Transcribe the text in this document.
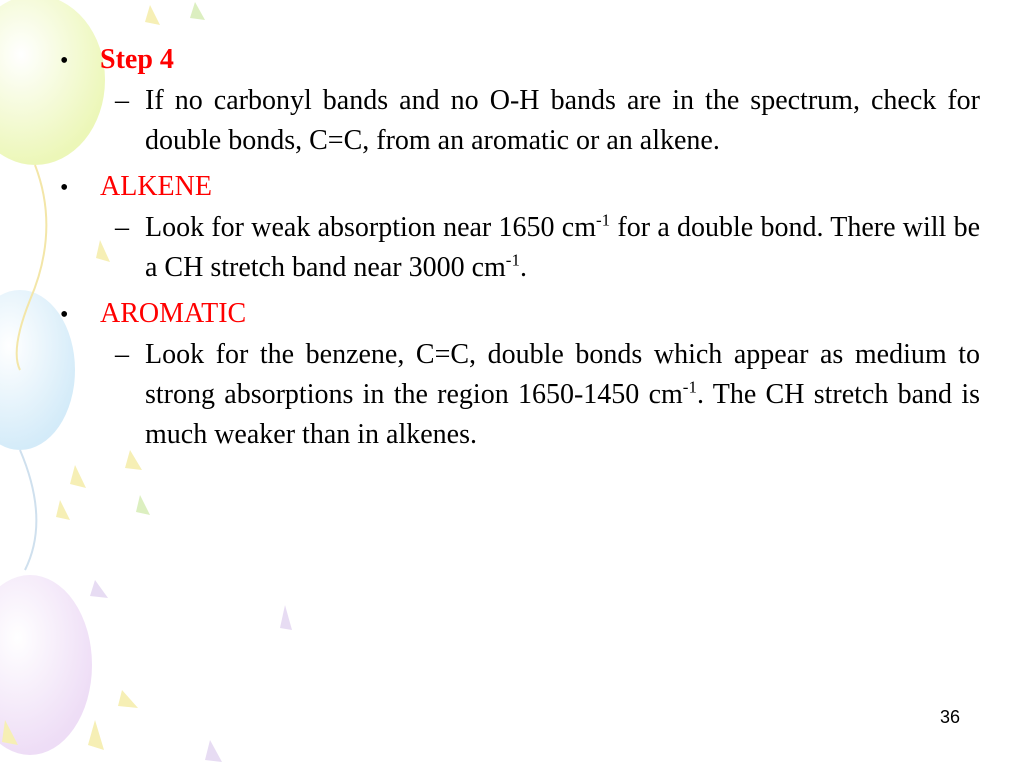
•	Step 4
– If no carbonyl bands and no O-H bands are in the spectrum, check for double bonds, C=C, from an aromatic or an alkene.
•	ALKENE
– Look for weak absorption near 1650 $cm^{-1}$ for a double bond. There will be a CH stretch band near 3000 $cm^{-1}$.
•	AROMATIC
– Look for the benzene, C=C, double bonds which appear as medium to strong absorptions in the region 1650-1450 $cm^{-1}$. The CH stretch band is much weaker than in alkenes.
36
